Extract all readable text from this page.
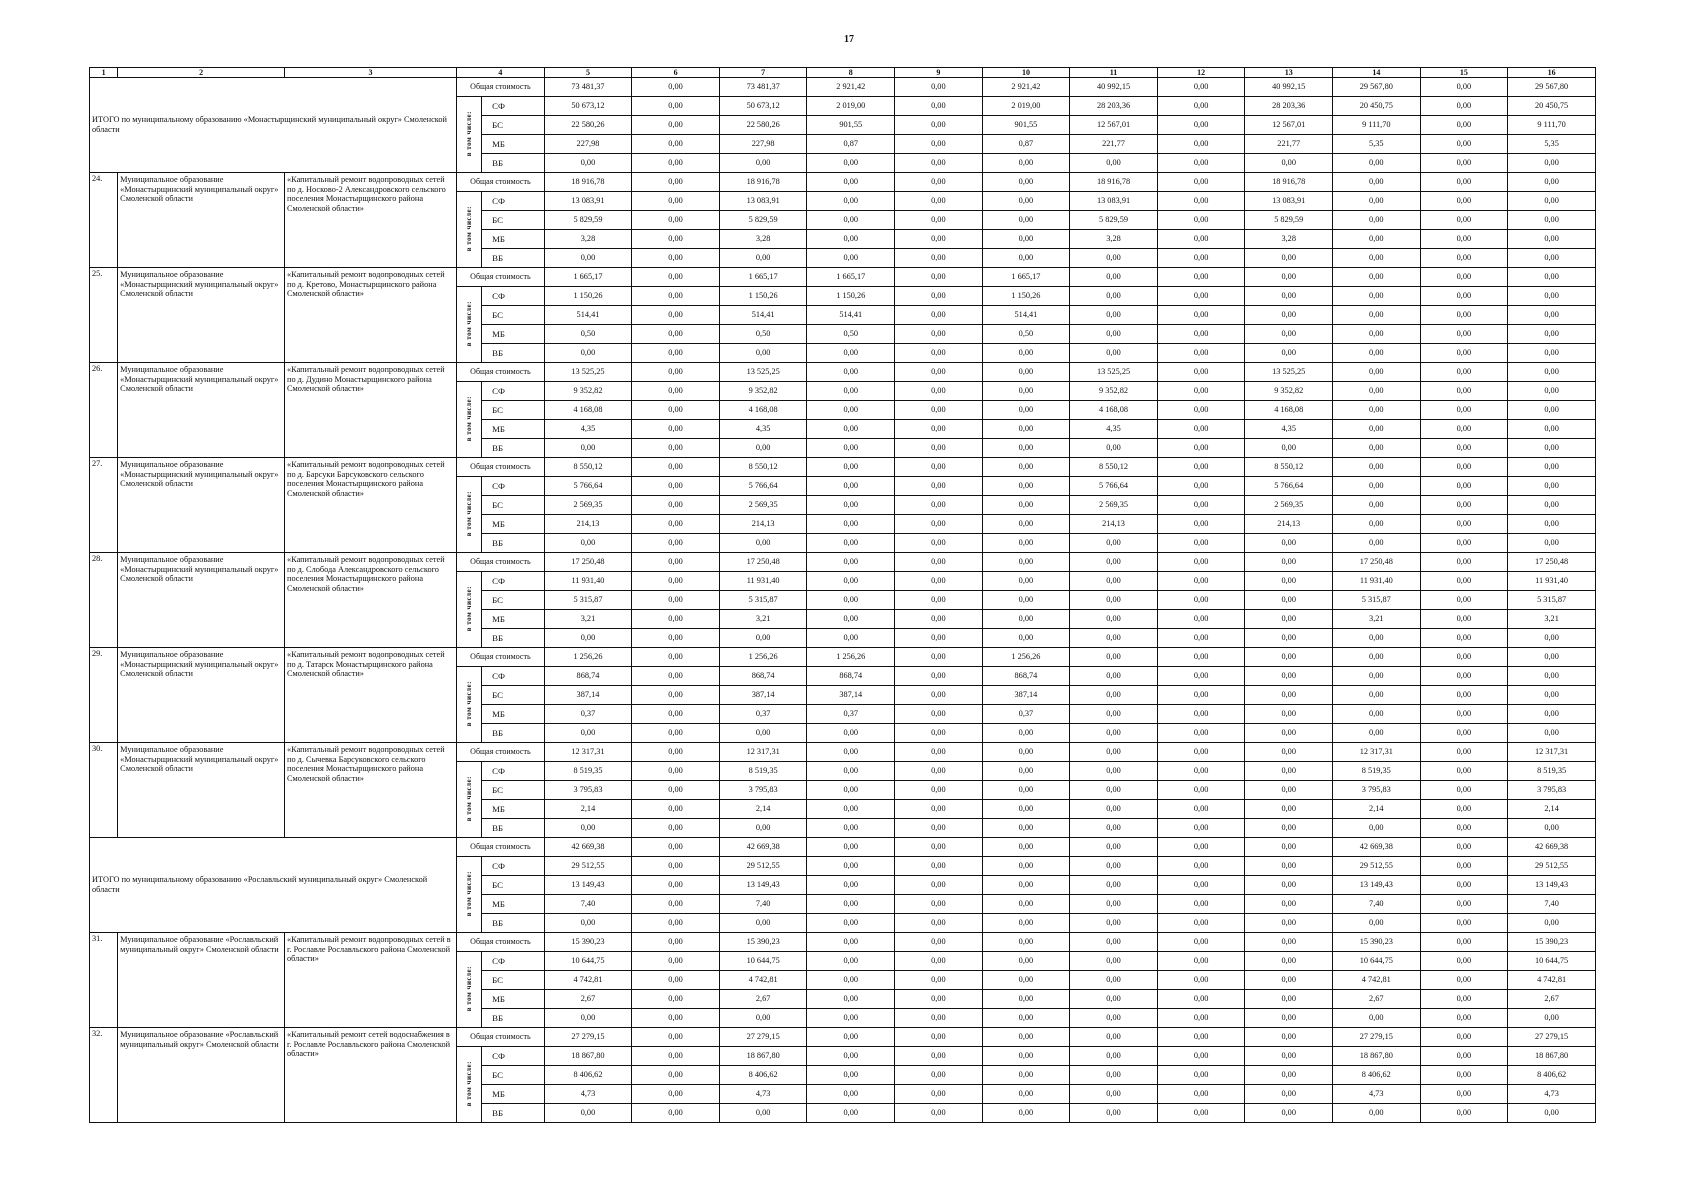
17
1	2	3	4		5	6	7	8	9	10	11	12	13	14	15	16
ИТОГО по муниципальному образованию «Монастырщинский муниципальный округ» Смоленской области			Общая стоимость		73 481,37	0,00	73 481,37	2 921,42	0,00	2 921,42	40 992,15	0,00	40 992,15	29 567,80	0,00	29 567,80
			в том числе:	СФ	50 673,12	0,00	50 673,12	2 019,00	0,00	2 019,00	28 203,36	0,00	28 203,36	20 450,75	0,00	20 450,75
				БС	22 580,26	0,00	22 580,26	901,55	0,00	901,55	12 567,01	0,00	12 567,01	9 111,70	0,00	9 111,70
				МБ	227,98	0,00	227,98	0,87	0,00	0,87	221,77	0,00	221,77	5,35	0,00	5,35
				ВБ	0,00	0,00	0,00	0,00	0,00	0,00	0,00	0,00	0,00	0,00	0,00	0,00
24.	Муниципальное образование «Монастырщинский муниципальный округ» Смоленской области	«Капитальный ремонт водопроводных сетей по д. Носково-2 Александровского сельского поселения Монастырщинского района Смоленской области»	Общая стоимость		18 916,78	0,00	18 916,78	0,00	0,00	0,00	18 916,78	0,00	18 916,78	0,00	0,00	0,00
			в том числе:	СФ	13 083,91	0,00	13 083,91	0,00	0,00	0,00	13 083,91	0,00	13 083,91	0,00	0,00	0,00
				БС	5 829,59	0,00	5 829,59	0,00	0,00	0,00	5 829,59	0,00	5 829,59	0,00	0,00	0,00
				МБ	3,28	0,00	3,28	0,00	0,00	0,00	3,28	0,00	3,28	0,00	0,00	0,00
				ВБ	0,00	0,00	0,00	0,00	0,00	0,00	0,00	0,00	0,00	0,00	0,00	0,00
25.	Муниципальное образование «Монастырщинский муниципальный округ» Смоленской области	«Капитальный ремонт водопроводных сетей по д. Кретово, Монастырщинского района Смоленской области»	Общая стоимость		1 665,17	0,00	1 665,17	1 665,17	0,00	1 665,17	0,00	0,00	0,00	0,00	0,00	0,00
			в том числе:	СФ	1 150,26	0,00	1 150,26	1 150,26	0,00	1 150,26	0,00	0,00	0,00	0,00	0,00	0,00
				БС	514,41	0,00	514,41	514,41	0,00	514,41	0,00	0,00	0,00	0,00	0,00	0,00
				МБ	0,50	0,00	0,50	0,50	0,00	0,50	0,00	0,00	0,00	0,00	0,00	0,00
				ВБ	0,00	0,00	0,00	0,00	0,00	0,00	0,00	0,00	0,00	0,00	0,00	0,00
26.	Муниципальное образование «Монастырщинский муниципальный округ» Смоленской области	«Капитальный ремонт водопроводных сетей по д. Дудино Монастырщинского района Смоленской области»	Общая стоимость		13 525,25	0,00	13 525,25	0,00	0,00	0,00	13 525,25	0,00	13 525,25	0,00	0,00	0,00
			в том числе:	СФ	9 352,82	0,00	9 352,82	0,00	0,00	0,00	9 352,82	0,00	9 352,82	0,00	0,00	0,00
				БС	4 168,08	0,00	4 168,08	0,00	0,00	0,00	4 168,08	0,00	4 168,08	0,00	0,00	0,00
				МБ	4,35	0,00	4,35	0,00	0,00	0,00	4,35	0,00	4,35	0,00	0,00	0,00
				ВБ	0,00	0,00	0,00	0,00	0,00	0,00	0,00	0,00	0,00	0,00	0,00	0,00
27.	Муниципальное образование «Монастырщинский муниципальный округ» Смоленской области	«Капитальный ремонт водопроводных сетей по д. Барсуки Барсуковского сельского поселения Монастырщинского района Смоленской области»	Общая стоимость		8 550,12	0,00	8 550,12	0,00	0,00	0,00	8 550,12	0,00	8 550,12	0,00	0,00	0,00
			в том числе:	СФ	5 766,64	0,00	5 766,64	0,00	0,00	0,00	5 766,64	0,00	5 766,64	0,00	0,00	0,00
				БС	2 569,35	0,00	2 569,35	0,00	0,00	0,00	2 569,35	0,00	2 569,35	0,00	0,00	0,00
				МБ	214,13	0,00	214,13	0,00	0,00	0,00	214,13	0,00	214,13	0,00	0,00	0,00
				ВБ	0,00	0,00	0,00	0,00	0,00	0,00	0,00	0,00	0,00	0,00	0,00	0,00
28.	Муниципальное образование «Монастырщинский муниципальный округ» Смоленской области	«Капитальный ремонт водопроводных сетей по д. Слобода Александровского сельского поселения Монастырщинского района Смоленской области»	Общая стоимость		17 250,48	0,00	17 250,48	0,00	0,00	0,00	0,00	0,00	0,00	17 250,48	0,00	17 250,48
			в том числе:	СФ	11 931,40	0,00	11 931,40	0,00	0,00	0,00	0,00	0,00	0,00	11 931,40	0,00	11 931,40
				БС	5 315,87	0,00	5 315,87	0,00	0,00	0,00	0,00	0,00	0,00	5 315,87	0,00	5 315,87
				МБ	3,21	0,00	3,21	0,00	0,00	0,00	0,00	0,00	0,00	3,21	0,00	3,21
				ВБ	0,00	0,00	0,00	0,00	0,00	0,00	0,00	0,00	0,00	0,00	0,00	0,00
29.	Муниципальное образование «Монастырщинский муниципальный округ» Смоленской области	«Капитальный ремонт водопроводных сетей по д. Татарск Монастырщинского района Смоленской области»	Общая стоимость		1 256,26	0,00	1 256,26	1 256,26	0,00	1 256,26	0,00	0,00	0,00	0,00	0,00	0,00
			в том числе:	СФ	868,74	0,00	868,74	868,74	0,00	868,74	0,00	0,00	0,00	0,00	0,00	0,00
				БС	387,14	0,00	387,14	387,14	0,00	387,14	0,00	0,00	0,00	0,00	0,00	0,00
				МБ	0,37	0,00	0,37	0,37	0,00	0,37	0,00	0,00	0,00	0,00	0,00	0,00
				ВБ	0,00	0,00	0,00	0,00	0,00	0,00	0,00	0,00	0,00	0,00	0,00	0,00
30.	Муниципальное образование «Монастырщинский муниципальный округ» Смоленской области	«Капитальный ремонт водопроводных сетей по д. Сычевка Барсуковского сельского поселения Монастырщинского района Смоленской области»	Общая стоимость		12 317,31	0,00	12 317,31	0,00	0,00	0,00	0,00	0,00	0,00	12 317,31	0,00	12 317,31
			в том числе:	СФ	8 519,35	0,00	8 519,35	0,00	0,00	0,00	0,00	0,00	0,00	8 519,35	0,00	8 519,35
				БС	3 795,83	0,00	3 795,83	0,00	0,00	0,00	0,00	0,00	0,00	3 795,83	0,00	3 795,83
				МБ	2,14	0,00	2,14	0,00	0,00	0,00	0,00	0,00	0,00	2,14	0,00	2,14
				ВБ	0,00	0,00	0,00	0,00	0,00	0,00	0,00	0,00	0,00	0,00	0,00	0,00
ИТОГО по муниципальному образованию «Рославльский муниципальный округ» Смоленской области			Общая стоимость		42 669,38	0,00	42 669,38	0,00	0,00	0,00	0,00	0,00	0,00	42 669,38	0,00	42 669,38
			в том числе:	СФ	29 512,55	0,00	29 512,55	0,00	0,00	0,00	0,00	0,00	0,00	29 512,55	0,00	29 512,55
				БС	13 149,43	0,00	13 149,43	0,00	0,00	0,00	0,00	0,00	0,00	13 149,43	0,00	13 149,43
				МБ	7,40	0,00	7,40	0,00	0,00	0,00	0,00	0,00	0,00	7,40	0,00	7,40
				ВБ	0,00	0,00	0,00	0,00	0,00	0,00	0,00	0,00	0,00	0,00	0,00	0,00
31.	Муниципальное образование «Рославльский муниципальный округ» Смоленской области	«Капитальный ремонт водопроводных сетей в г. Рославле Рославльского района Смоленской области»	Общая стоимость		15 390,23	0,00	15 390,23	0,00	0,00	0,00	0,00	0,00	0,00	15 390,23	0,00	15 390,23
			в том числе:	СФ	10 644,75	0,00	10 644,75	0,00	0,00	0,00	0,00	0,00	0,00	10 644,75	0,00	10 644,75
				БС	4 742,81	0,00	4 742,81	0,00	0,00	0,00	0,00	0,00	0,00	4 742,81	0,00	4 742,81
				МБ	2,67	0,00	2,67	0,00	0,00	0,00	0,00	0,00	0,00	2,67	0,00	2,67
				ВБ	0,00	0,00	0,00	0,00	0,00	0,00	0,00	0,00	0,00	0,00	0,00	0,00
32.	Муниципальное образование «Рославльский муниципальный округ» Смоленской области	«Капитальный ремонт сетей водоснабжения в г. Рославле Рославльского района Смоленской области»	Общая стоимость		27 279,15	0,00	27 279,15	0,00	0,00	0,00	0,00	0,00	0,00	27 279,15	0,00	27 279,15
			в том числе:	СФ	18 867,80	0,00	18 867,80	0,00	0,00	0,00	0,00	0,00	0,00	18 867,80	0,00	18 867,80
				БС	8 406,62	0,00	8 406,62	0,00	0,00	0,00	0,00	0,00	0,00	8 406,62	0,00	8 406,62
				МБ	4,73	0,00	4,73	0,00	0,00	0,00	0,00	0,00	0,00	4,73	0,00	4,73
				ВБ	0,00	0,00	0,00	0,00	0,00	0,00	0,00	0,00	0,00	0,00	0,00	0,00
